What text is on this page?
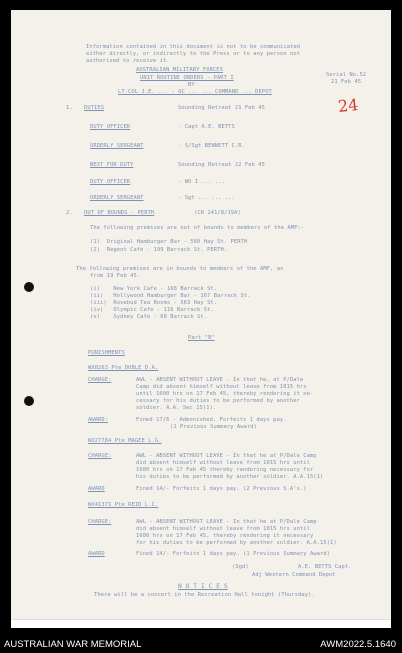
24
Information contained in this document is not to be communicated
either directly, or indirectly to the Press or to any person not
authorised to receive it.
AUSTRALIAN MILITARY FORCES
Serial No.52
UNIT ROUTINE ORDERS - PART I
21 Feb 45
BY
LT-COL J.E. ... - OC ... ... COMMAND ... DEPOT
1. DUTIES	Sounding Retreat 21 Feb 45
DUTY OFFICER	- Capt A.E. BETTS
ORDERLY SERGEANT	- S/Sgt BENNETT C.R.
NEXT FOR DUTY	Sounding Retreat 22 Feb 45
DUTY OFFICER	- WO I ... ...
ORDERLY SERGEANT	- Sgt ... ... ...
2. OUT OF BOUNDS - PERTH	(CR 241/8/19A)
The following premises are out of bounds to members of the AMF:-
(1)  Original Hamburger Bar - 560 Hay St. PERTH
(2)  Regent Cafe - 199 Barrack St. PERTH.
The following premises are in bounds to members of the AMF, as
from 19 Feb 45.
(i)    New York Cafe - 168 Barrack St.
(ii)   Hollywood Hamburger Bar - 167 Barrack St.
(iii)  Rosebud Tea Rooms - 563 Hay St.
(iv)   Olympic Cafe - 116 Barrack St.
(v)    Sydney Cafe - 68 Barrack St.
Part "B"
PUNISHMENTS
WX8263 Pte DOBLE D.A.
CHARGE:	AWL - ABSENT WITHOUT LEAVE - In that he, at P/Dale
Camp did absent himself without leave from 1015 hrs
until 1600 hrs on 17 Feb 45, thereby rendering it ne-
cessary for his duties to be performed by another
soldier. A.A. Sec 15(1).
AWARD:	Fined 17/6 - Admonished. Forfeits 1 days pay.
(1 Previous Summary Award)
WX27784 Pte MAGEE L.G.
CHARGE:	AWL - ABSENT WITHOUT LEAVE - In that he at P/Dale Camp
did absent himself without leave from 1015 hrs until
1600 hrs on 17 Feb 45 thereby rendering necessary for
his duties to be performed by another soldier. A.A.15(1)
AWARD	Fined 14/- Forfeits 1 days pay. (2 Previous S.A's.)
WX41371 Pte REID L.C.
CHARGE:	AWL - ABSENT WITHOUT LEAVE - In that he at P/Dale Camp
did absent himself without leave from 1015 hrs until
1600 hrs on 17 Feb 45, thereby rendering it necessary
for his duties to be performed by another soldier. A.A.15(1)
AWARD	Fined 14/- Forfeits 1 days pay. (1 Previous Summary Award)
(Sgd)	A.E. BETTS Capt.
Adj Western Command Depot
N O T I C E S
There will be a concert in the Recreation Hall tonight (Thursday).
AUSTRALIAN WAR MEMORIAL	AWM2022.5.1640
